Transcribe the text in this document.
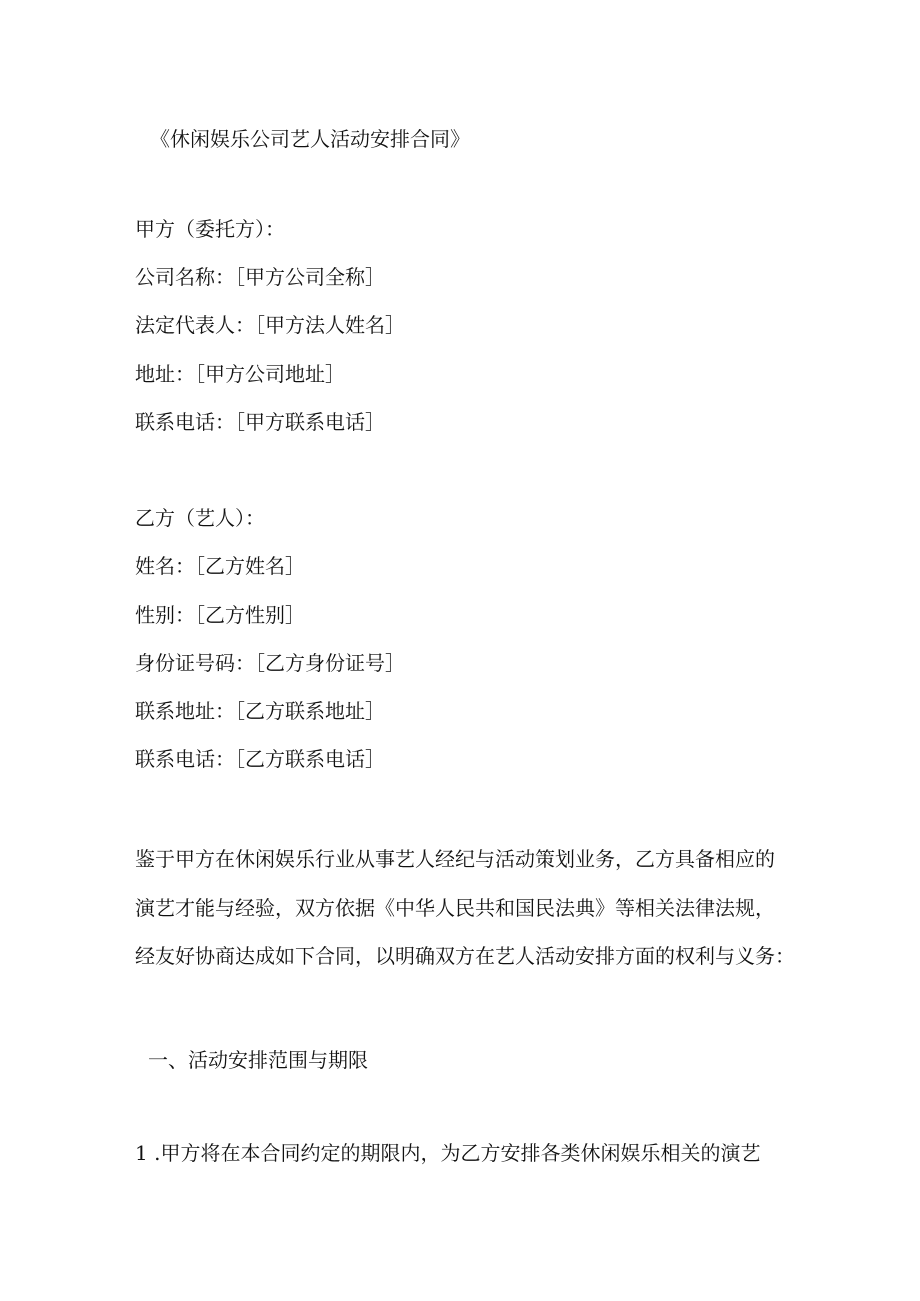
《休闲娱乐公司艺人活动安排合同》
甲方（委托方）：
公司名称：［甲方公司全称］
法定代表人：［甲方法人姓名］
地址：［甲方公司地址］
联系电话：［甲方联系电话］
乙方（艺人）：
姓名：［乙方姓名］
性别：［乙方性别］
身份证号码：［乙方身份证号］
联系地址：［乙方联系地址］
联系电话：［乙方联系电话］
鉴于甲方在休闲娱乐行业从事艺人经纪与活动策划业务，乙方具备相应的
演艺才能与经验，双方依据《中华人民共和国民法典》等相关法律法规，
经友好协商达成如下合同，以明确双方在艺人活动安排方面的权利与义务：
一、活动安排范围与期限
1 .甲方将在本合同约定的期限内，为乙方安排各类休闲娱乐相关的演艺
